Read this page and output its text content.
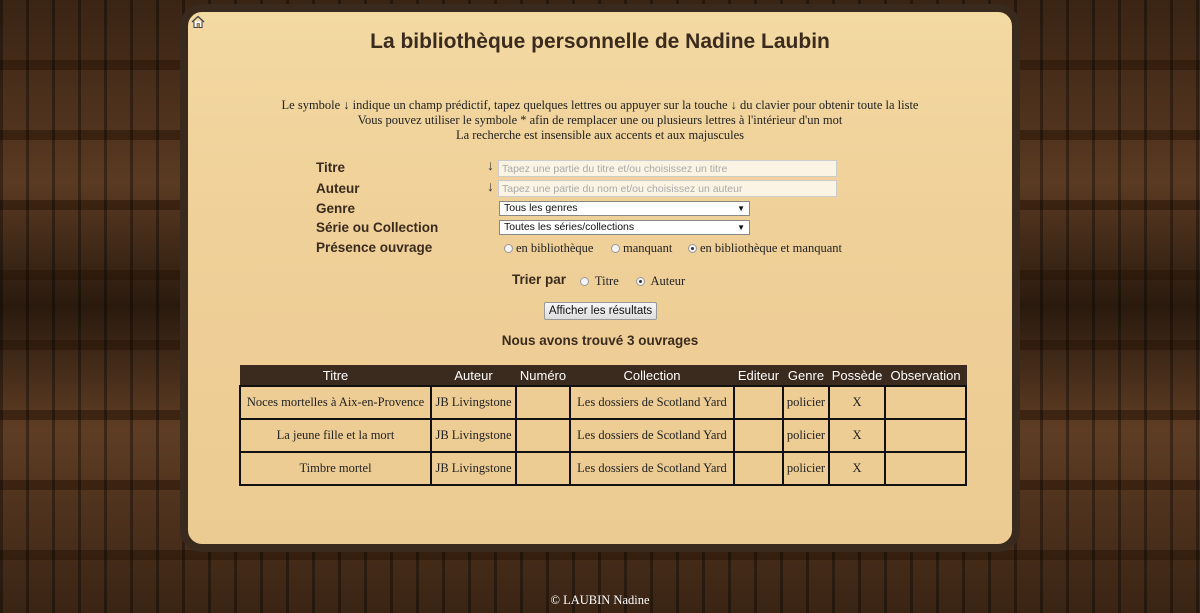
La bibliothèque personnelle de Nadine Laubin
Le symbole ↓ indique un champ prédictif, tapez quelques lettres ou appuyer sur la touche ↓ du clavier pour obtenir toute la liste
Vous pouvez utiliser le symbole * afin de remplacer une ou plusieurs lettres à l'intérieur d'un mot
La recherche est insensible aux accents et aux majuscules
Titre	↓
Tapez une partie du titre et/ou choisissez un titre
Auteur	↓
Tapez une partie du nom et/ou choisissez un auteur
Genre	Tous les genres	▼
Série ou Collection	Toutes les séries/collections	▼
Présence ouvrage	en bibliothèque	manquant	en bibliothèque et manquant
Trier par	Titre	Auteur
Afficher les résultats
Nous avons trouvé 3 ouvrages
Titre	Auteur	Numéro	Collection	Editeur	Genre	Possède	Observation
Noces mortelles à Aix-en-Provence	JB Livingstone		Les dossiers de Scotland Yard		policier	X	
La jeune fille et la mort	JB Livingstone		Les dossiers de Scotland Yard		policier	X	
Timbre mortel	JB Livingstone		Les dossiers de Scotland Yard		policier	X	
© LAUBIN Nadine
